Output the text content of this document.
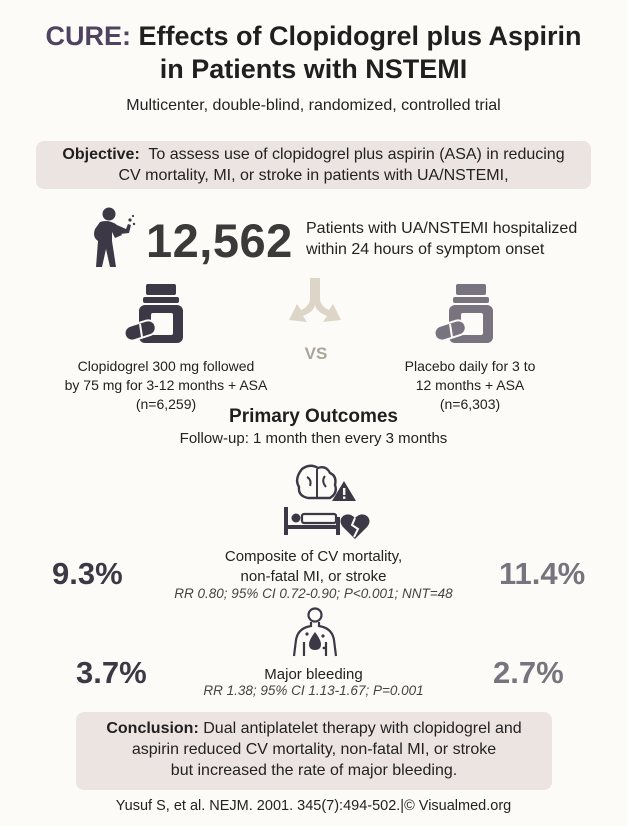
CURE: Effects of Clopidogrel plus Aspirin
in Patients with NSTEMI
Multicenter, double-blind, randomized, controlled trial
Objective: To assess use of clopidogrel plus aspirin (ASA) in reducing
CV mortality, MI, or stroke in patients with UA/NSTEMI,
12,562 Patients with UA/NSTEMI hospitalized
within 24 hours of symptom onset
Clopidogrel 300 mg followed
by 75 mg for 3-12 months + ASA
(n=6,259)
VS
Placebo daily for 3 to
12 months + ASA
(n=6,303)
Primary Outcomes
Follow-up: 1 month then every 3 months
9.3%	11.4%
Composite of CV mortality,
non-fatal MI, or stroke
RR 0.80; 95% CI 0.72-0.90; P<0.001; NNT=48
3.7%	2.7%
Major bleeding
RR 1.38; 95% CI 1.13-1.67; P=0.001
Conclusion: Dual antiplatelet therapy with clopidogrel and
aspirin reduced CV mortality, non-fatal MI, or stroke
but increased the rate of major bleeding.
Yusuf S, et al. NEJM. 2001. 345(7):494-502.|© Visualmed.org
